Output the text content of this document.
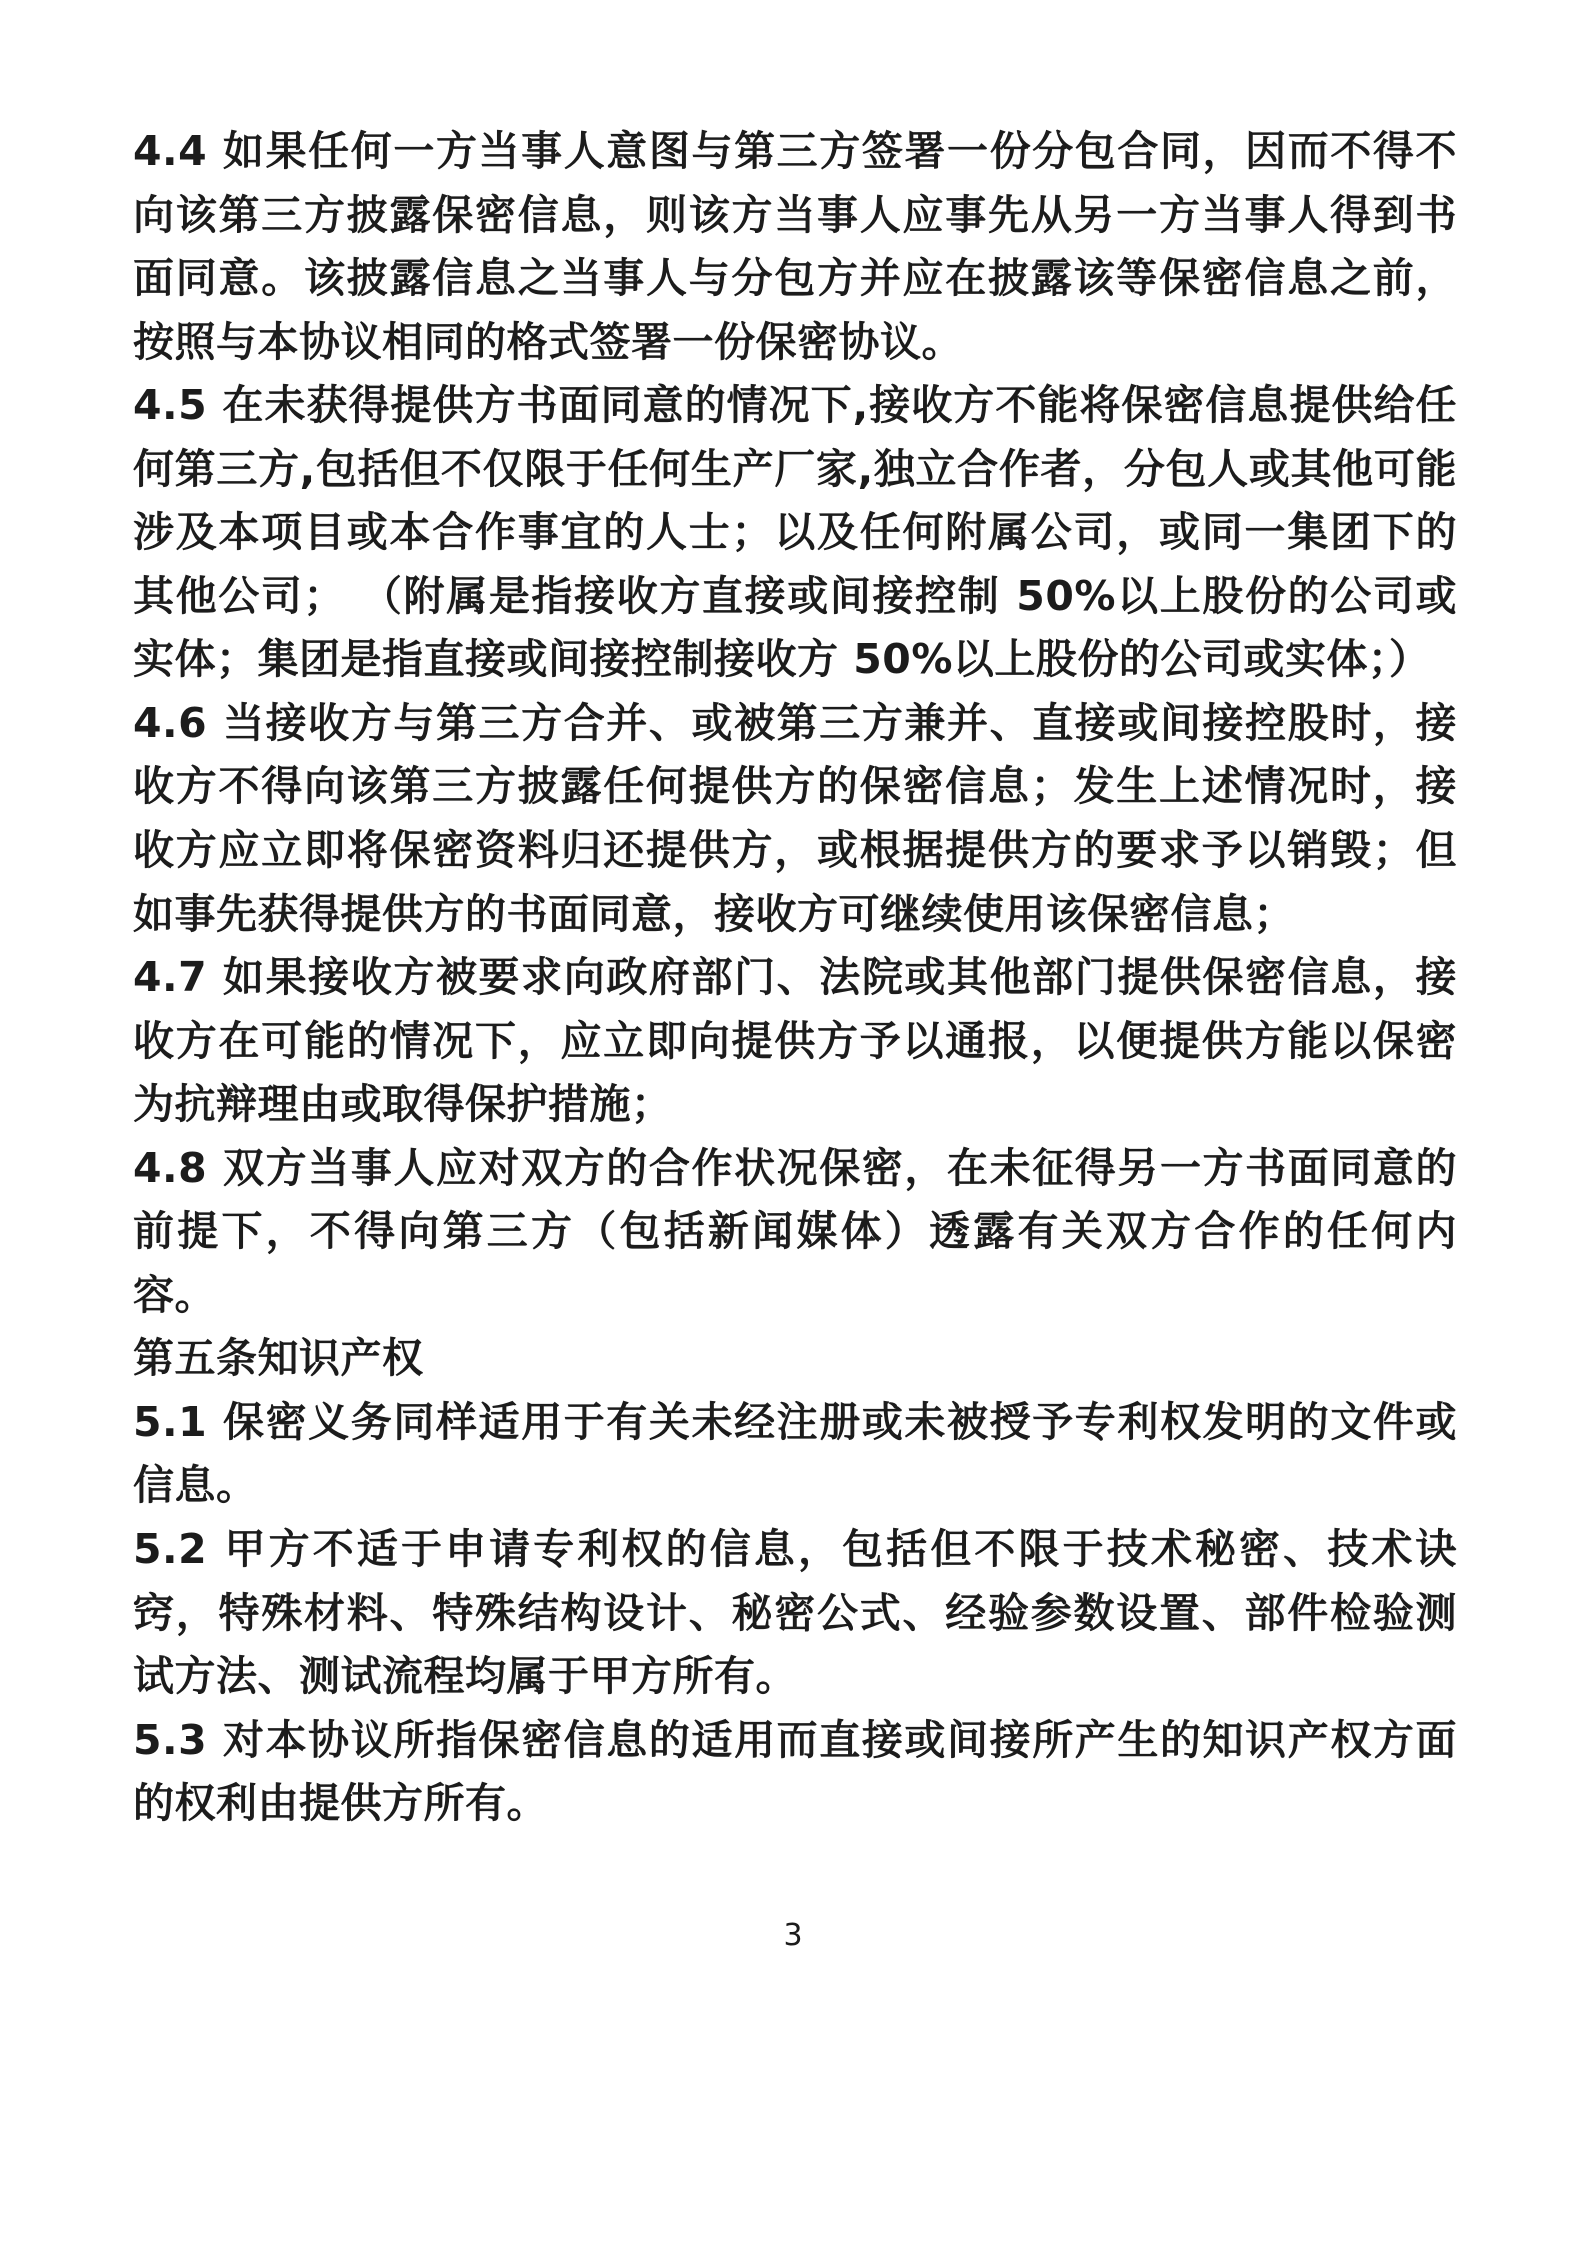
4.4 如果任何一方当事人意图与第三方签署一份分包合同，因而不得不向该第三方披露保密信息，则该方当事人应事先从另一方当事人得到书面同意。该披露信息之当事人与分包方并应在披露该等保密信息之前，按照与本协议相同的格式签署一份保密协议。
4.5 在未获得提供方书面同意的情况下,接收方不能将保密信息提供给任何第三方,包括但不仅限于任何生产厂家,独立合作者，分包人或其他可能涉及本项目或本合作事宜的人士；以及任何附属公司，或同一集团下的其他公司； （附属是指接收方直接或间接控制 50%以上股份的公司或实体；集团是指直接或间接控制接收方 50%以上股份的公司或实体；）
4.6 当接收方与第三方合并、或被第三方兼并、直接或间接控股时，接收方不得向该第三方披露任何提供方的保密信息；发生上述情况时，接收方应立即将保密资料归还提供方，或根据提供方的要求予以销毁；但如事先获得提供方的书面同意，接收方可继续使用该保密信息；
4.7 如果接收方被要求向政府部门、法院或其他部门提供保密信息，接收方在可能的情况下，应立即向提供方予以通报，以便提供方能以保密为抗辩理由或取得保护措施；
4.8 双方当事人应对双方的合作状况保密，在未征得另一方书面同意的前提下，不得向第三方（包括新闻媒体）透露有关双方合作的任何内容。
第五条知识产权
5.1 保密义务同样适用于有关未经注册或未被授予专利权发明的文件或信息。
5.2 甲方不适于申请专利权的信息，包括但不限于技术秘密、技术诀窍，特殊材料、特殊结构设计、秘密公式、经验参数设置、部件检验测试方法、测试流程均属于甲方所有。
5.3 对本协议所指保密信息的适用而直接或间接所产生的知识产权方面的权利由提供方所有。
3
